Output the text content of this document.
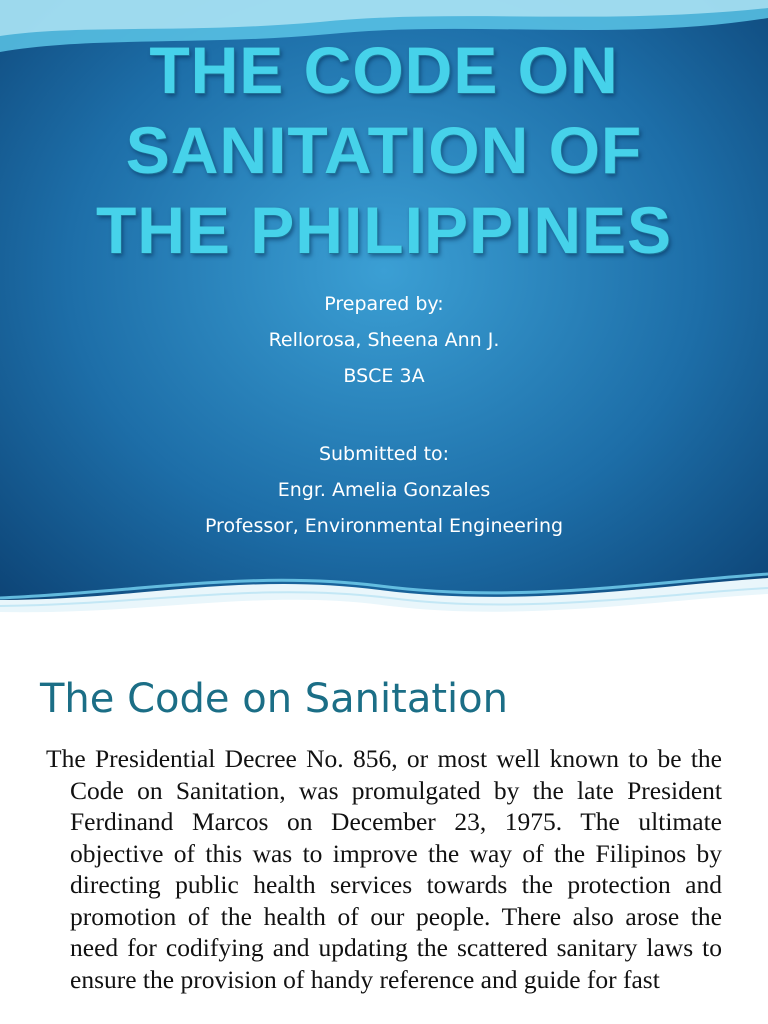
THE CODE ON
SANITATION OF
THE PHILIPPINES
Prepared by:
Rellorosa, Sheena Ann J.
BSCE 3A
Submitted to:
Engr. Amelia Gonzales
Professor, Environmental Engineering
The Code on Sanitation

The Presidential Decree No. 856, or most well known to be the Code on Sanitation, was promulgated by the late President Ferdinand Marcos on December 23, 1975. The ultimate objective of this was to improve the way of the Filipinos by directing public health services towards the protection and promotion of the health of our people. There also arose the need for codifying and updating the scattered sanitary laws to ensure the provision of handy reference and guide for fast
